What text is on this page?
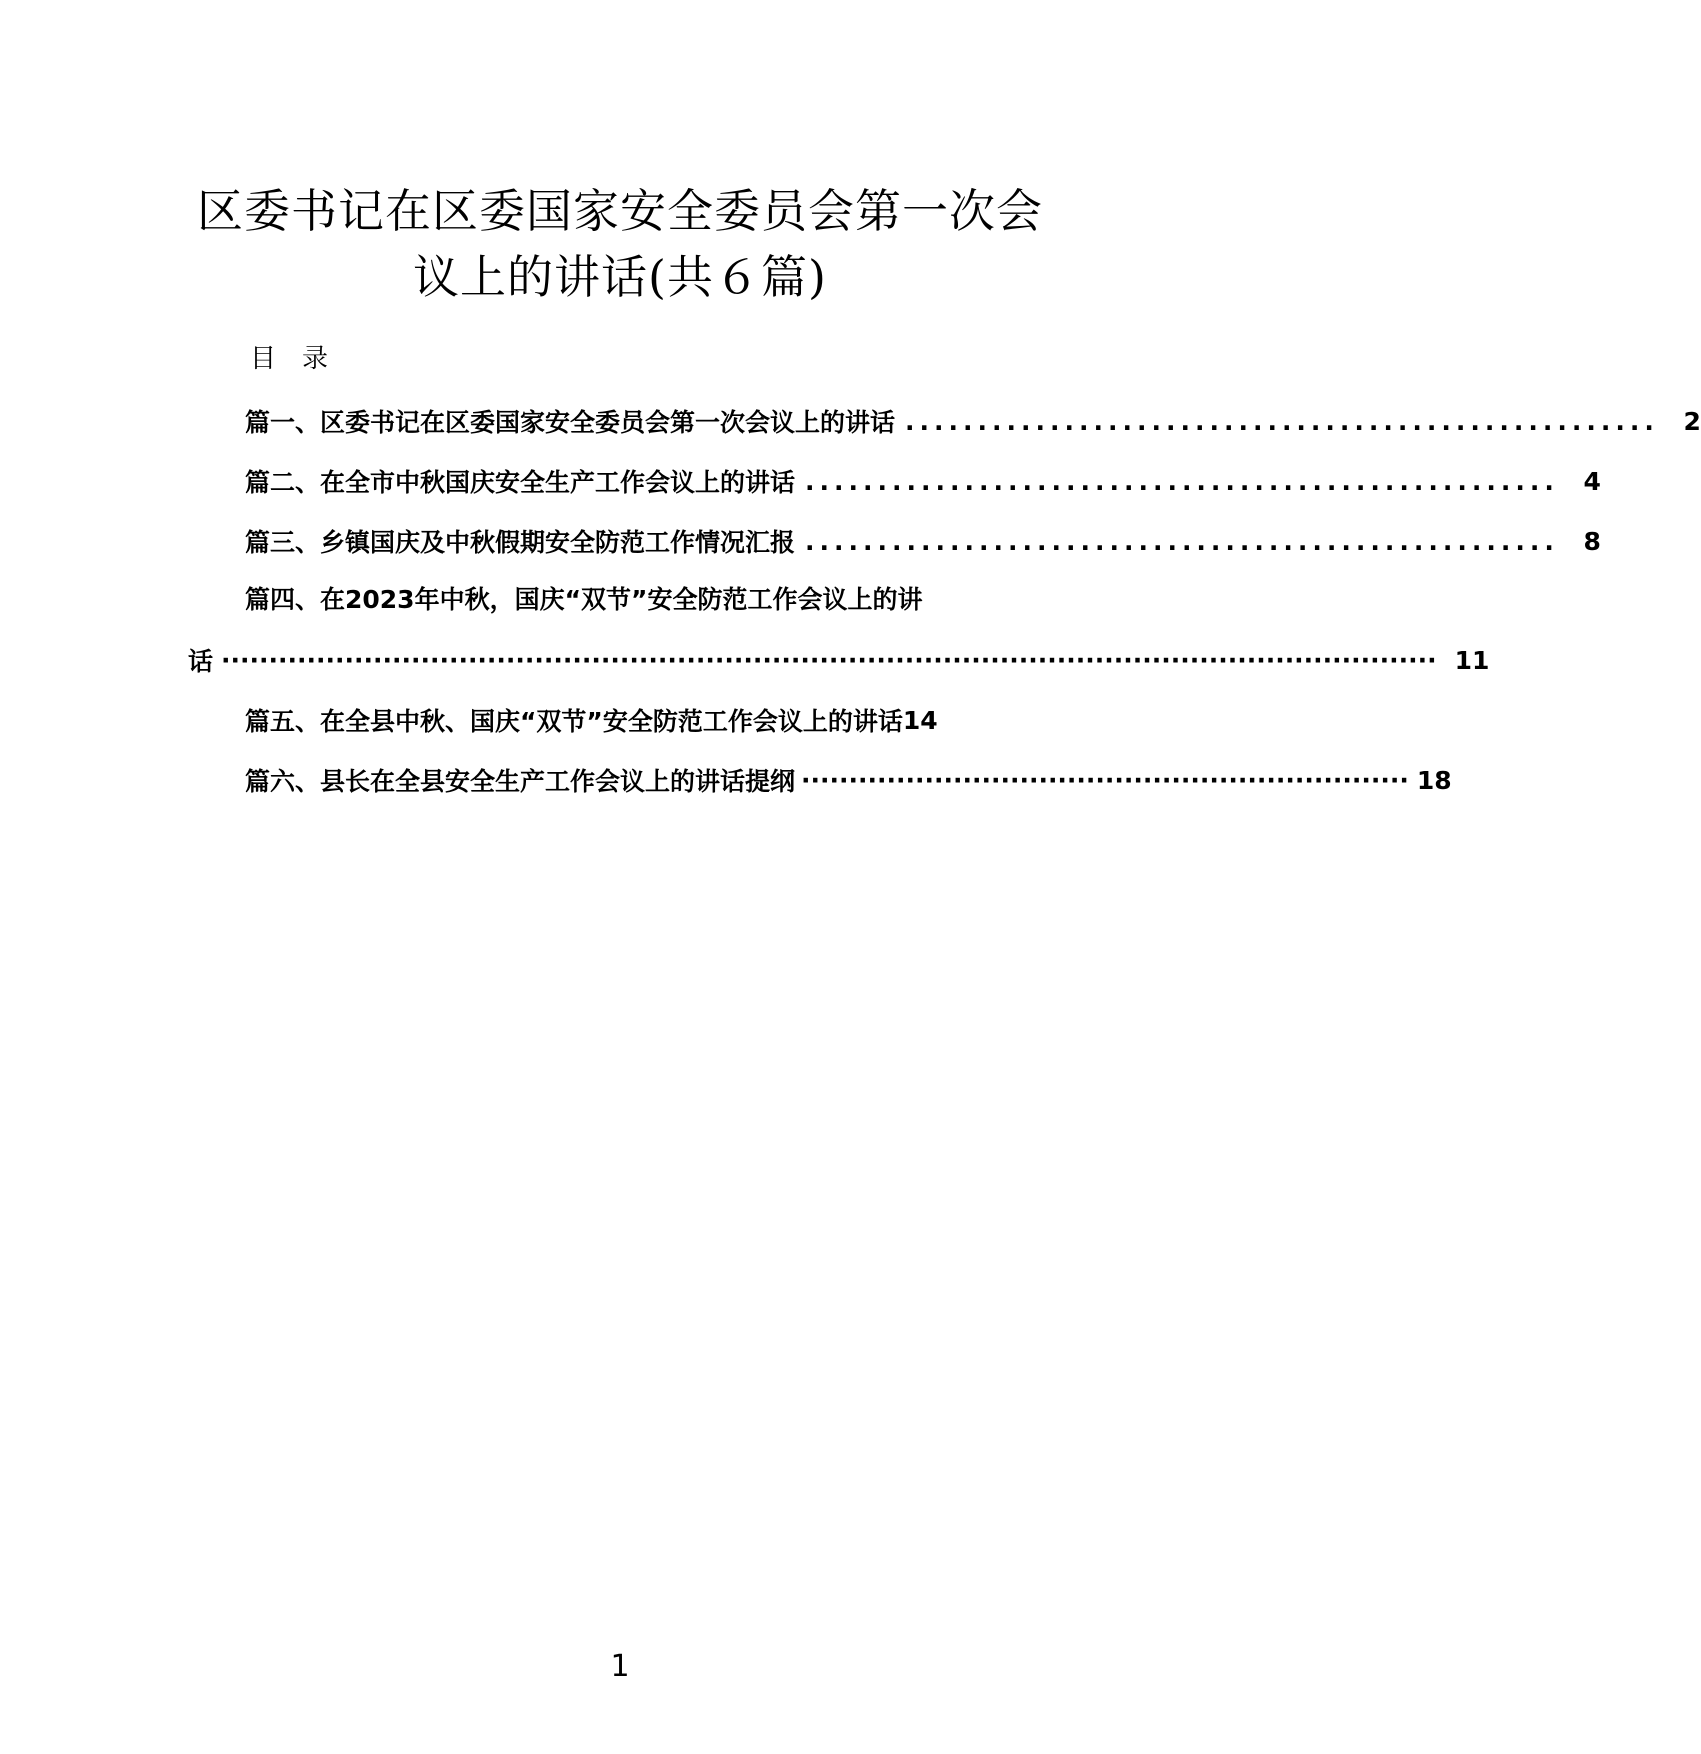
区委书记在区委国家安全委员会第一次会
议上的讲话(共６篇)
目　录
篇一、区委书记在区委国家安全委员会第一次会议上的讲话 .................................................... 2
篇二、在全市中秋国庆安全生产工作会议上的讲话 .................................................... 4
篇三、乡镇国庆及中秋假期安全防范工作情况汇报 .................................................... 8
篇四、在2023年中秋，国庆“双节”安全防范工作会议上的讲
话 ································································································································ 11
篇五、在全县中秋、国庆“双节”安全防范工作会议上的讲话 14
篇六、县长在全县安全生产工作会议上的讲话提纲 ································································ 18
1
